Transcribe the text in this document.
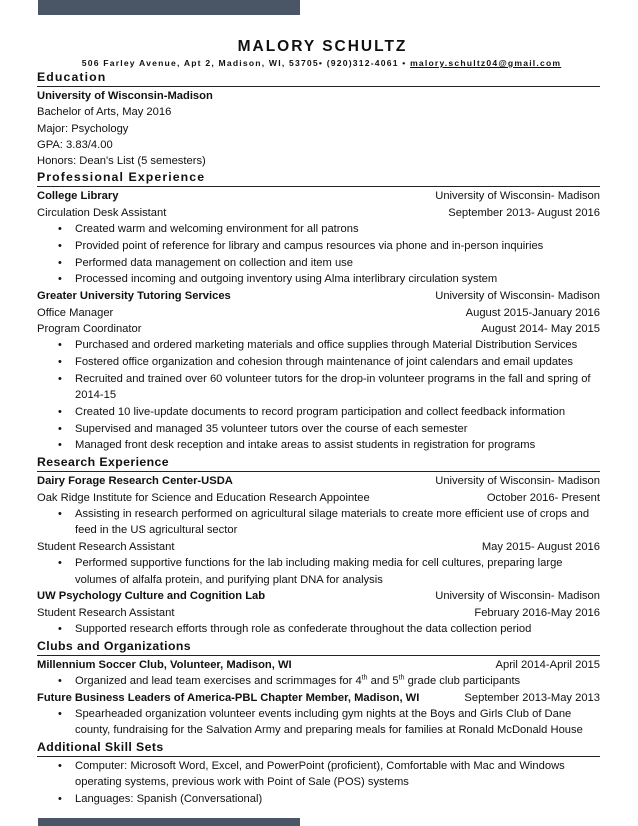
MALORY SCHULTZ
506 Farley Avenue, Apt 2, Madison, WI, 53705• (920)312-4061 • malory.schultz04@gmail.com
Education
University of Wisconsin-Madison
Bachelor of Arts, May 2016
Major: Psychology
GPA: 3.83/4.00
Honors: Dean's List (5 semesters)
Professional Experience
College Library	University of Wisconsin- Madison
Circulation Desk Assistant	September 2013- August 2016
• Created warm and welcoming environment for all patrons
• Provided point of reference for library and campus resources via phone and in-person inquiries
• Performed data management on collection and item use
• Processed incoming and outgoing inventory using Alma interlibrary circulation system
Greater University Tutoring Services	University of Wisconsin- Madison
Office Manager	August 2015-January 2016
Program Coordinator	August 2014- May 2015
• Purchased and ordered marketing materials and office supplies through Material Distribution Services
• Fostered office organization and cohesion through maintenance of joint calendars and email updates
• Recruited and trained over 60 volunteer tutors for the drop-in volunteer programs in the fall and spring of 2014-15
• Created 10 live-update documents to record program participation and collect feedback information
• Supervised and managed 35 volunteer tutors over the course of each semester
• Managed front desk reception and intake areas to assist students in registration for programs
Research Experience
Dairy Forage Research Center-USDA	University of Wisconsin- Madison
Oak Ridge Institute for Science and Education Research Appointee	October 2016- Present
• Assisting in research performed on agricultural silage materials to create more efficient use of crops and feed in the US agricultural sector
Student Research Assistant	May 2015- August 2016
• Performed supportive functions for the lab including making media for cell cultures, preparing large volumes of alfalfa protein, and purifying plant DNA for analysis
UW Psychology Culture and Cognition Lab	University of Wisconsin- Madison
Student Research Assistant	February 2016-May 2016
• Supported research efforts through role as confederate throughout the data collection period
Clubs and Organizations
Millennium Soccer Club, Volunteer, Madison, WI	April 2014-April 2015
• Organized and lead team exercises and scrimmages for 4th and 5th grade club participants
Future Business Leaders of America-PBL Chapter Member, Madison, WI	September 2013-May 2013
• Spearheaded organization volunteer events including gym nights at the Boys and Girls Club of Dane county, fundraising for the Salvation Army and preparing meals for families at Ronald McDonald House
Additional Skill Sets
• Computer: Microsoft Word, Excel, and PowerPoint (proficient), Comfortable with Mac and Windows operating systems, previous work with Point of Sale (POS) systems
• Languages: Spanish (Conversational)
